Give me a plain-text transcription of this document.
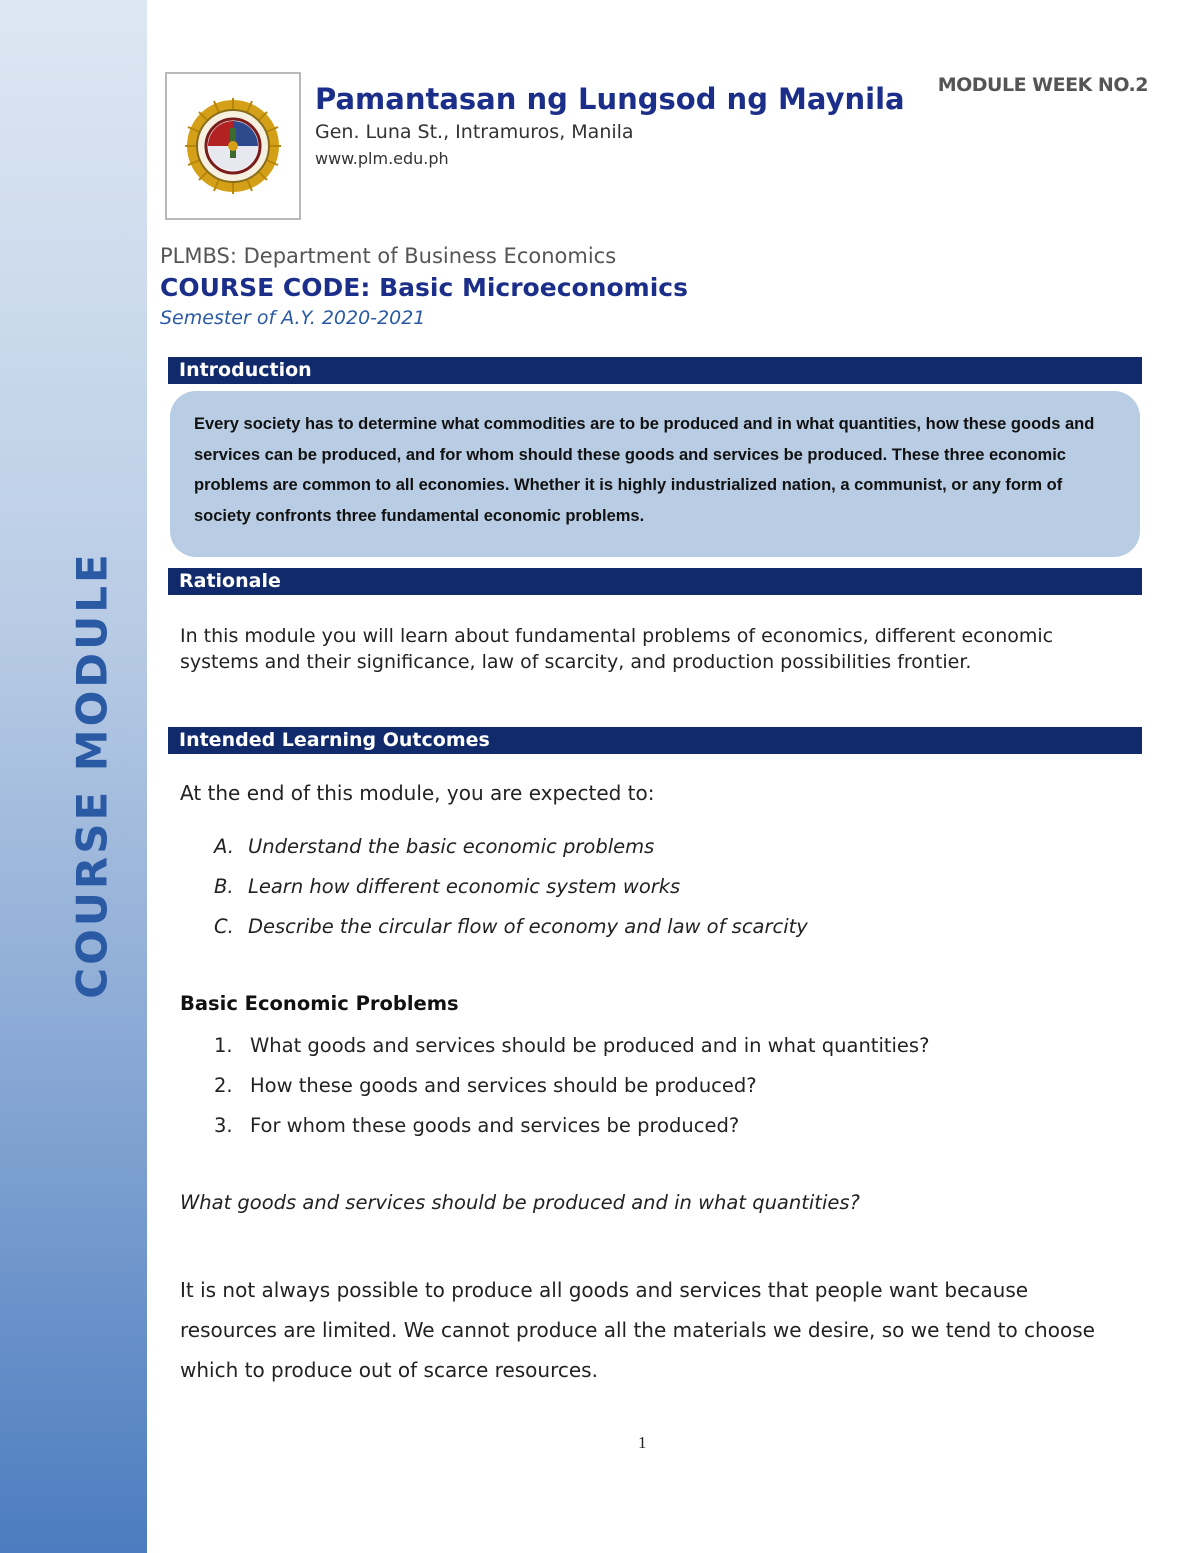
COURSE MODULE
Pamantasan ng Lungsod ng Maynila
Gen. Luna St., Intramuros, Manila
www.plm.edu.ph
MODULE WEEK NO.2
PLMBS: Department of Business Economics
COURSE CODE: Basic Microeconomics
Semester of A.Y. 2020-2021
Introduction
Every society has to determine what commodities are to be produced and in what quantities, how these goods and services can be produced, and for whom should these goods and services be produced. These three economic problems are common to all economies. Whether it is highly industrialized nation, a communist, or any form of society confronts three fundamental economic problems.
Rationale
In this module you will learn about fundamental problems of economics, different economic systems and their significance, law of scarcity, and production possibilities frontier.
Intended Learning Outcomes
At the end of this module, you are expected to:
A. Understand the basic economic problems
B. Learn how different economic system works
C. Describe the circular flow of economy and law of scarcity
Basic Economic Problems
1. What goods and services should be produced and in what quantities?
2. How these goods and services should be produced?
3. For whom these goods and services be produced?
What goods and services should be produced and in what quantities?
It is not always possible to produce all goods and services that people want because resources are limited. We cannot produce all the materials we desire, so we tend to choose which to produce out of scarce resources.
1
